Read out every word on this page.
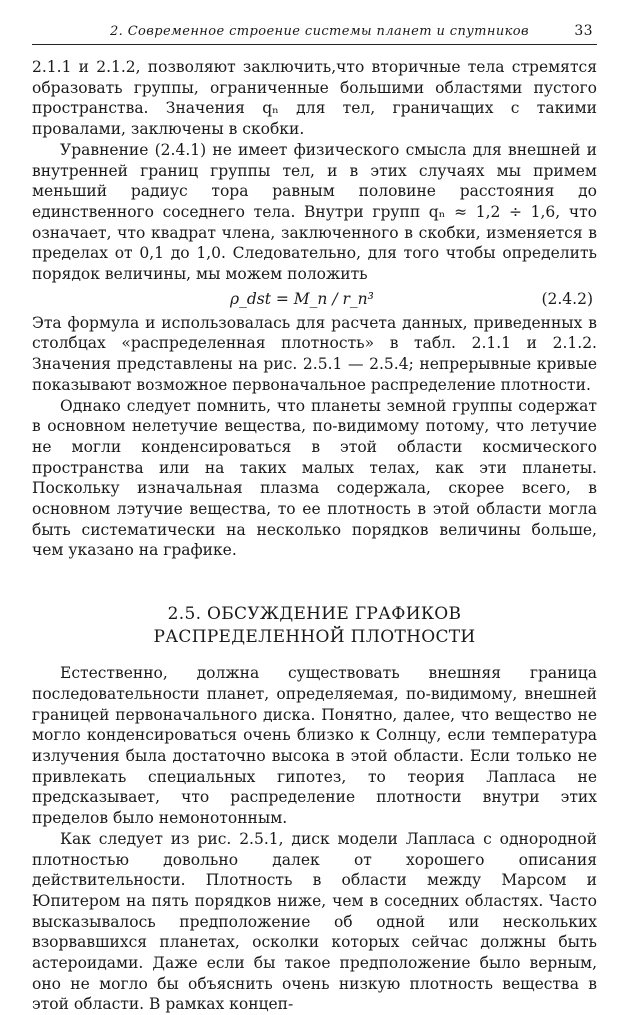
2. Современное строение системы планет и спутников	33

2.1.1 и 2.1.2, позволяют заключить,что вторичные тела стремятся образовать группы, ограниченные большими областями пустого пространства. Значения qₙ для тел, граничащих с такими провалами, заключены в скобки.

Уравнение (2.4.1) не имеет физического смысла для внешней и внутренней границ группы тел, и в этих случаях мы примем меньший радиус тора равным половине расстояния до единственного соседнего тела. Внутри групп qₙ ≈ 1,2 ÷ 1,6, что означает, что квадрат члена, заключенного в скобки, изменяется в пределах от 0,1 до 1,0. Следовательно, для того чтобы определить порядок величины, мы можем положить

ρ_dst = M_n / r_n³	(2.4.2)

Эта формула и использовалась для расчета данных, приведенных в столбцах «распределенная плотность» в табл. 2.1.1 и 2.1.2. Значения представлены на рис. 2.5.1 — 2.5.4; непрерывные кривые показывают возможное первоначальное распределение плотности.

Однако следует помнить, что планеты земной группы содержат в основном нелетучие вещества, по-видимому потому, что летучие не могли конденсироваться в этой области космического пространства или на таких малых телах, как эти планеты. Поскольку изначальная плазма содержала, скорее всего, в основном лэтучие вещества, то ее плотность в этой области могла быть систематически на несколько порядков величины больше, чем указано на графике.

2.5. ОБСУЖДЕНИЕ ГРАФИКОВ
РАСПРЕДЕЛЕННОЙ ПЛОТНОСТИ

Естественно, должна существовать внешняя граница последовательности планет, определяемая, по-видимому, внешней границей первоначального диска. Понятно, далее, что вещество не могло конденсироваться очень близко к Солнцу, если температура излучения была достаточно высока в этой области. Если только не привлекать специальных гипотез, то теория Лапласа не предсказывает, что распределение плотности внутри этих пределов было немонотонным.

Как следует из рис. 2.5.1, диск модели Лапласа с однородной плотностью довольно далек от хорошего описания действительности. Плотность в области между Марсом и Юпитером на пять порядков ниже, чем в соседних областях. Часто высказывалось предположение об одной или нескольких взорвавшихся планетах, осколки которых сейчас должны быть астероидами. Даже если бы такое предположение было верным, оно не могло бы объяснить очень низкую плотность вещества в этой области. В рамках концеп-
